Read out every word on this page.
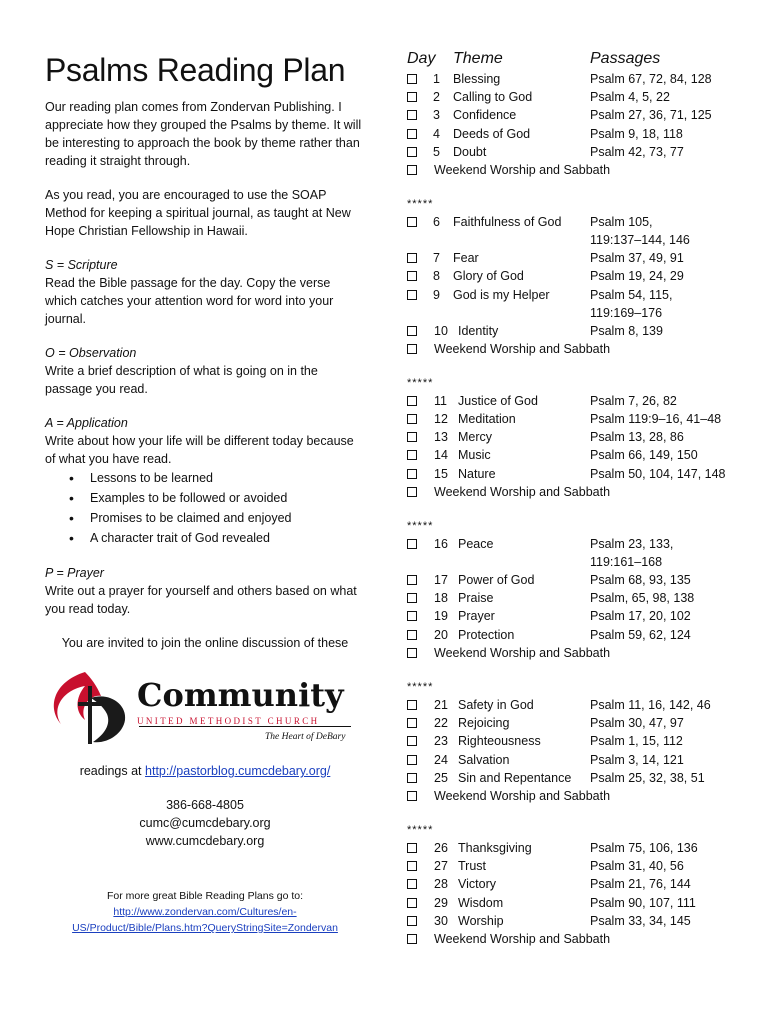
Psalms Reading Plan

Our reading plan comes from Zondervan Publishing. I appreciate how they grouped the Psalms by theme. It will be interesting to approach the book by theme rather than reading it straight through.

As you read, you are encouraged to use the SOAP Method for keeping a spiritual journal, as taught at New Hope Christian Fellowship in Hawaii.

S = Scripture
Read the Bible passage for the day. Copy the verse which catches your attention word for word into your journal.
O = Observation
Write a brief description of what is going on in the passage you read.
A = Application
Write about how your life will be different today because of what you have read.
• Lessons to be learned
• Examples to be followed or avoided
• Promises to be claimed and enjoyed
• A character trait of God revealed
P = Prayer
Write out a prayer for yourself and others based on what you read today.
You are invited to join the online discussion of these
Community
UNITED METHODIST CHURCH
The Heart of DeBary
readings at http://pastorblog.cumcdebary.org/
386-668-4805
cumc@cumcdebary.org
www.cumcdebary.org
For more great Bible Reading Plans go to:
http://www.zondervan.com/Cultures/en-
US/Product/Bible/Plans.htm?QueryStringSite=Zondervan
Day Theme	Passages
1 Blessing	Psalm 67, 72, 84, 128
2 Calling to God	Psalm 4, 5, 22
3 Confidence	Psalm 27, 36, 71, 125
4 Deeds of God	Psalm 9, 18, 118
5 Doubt	Psalm 42, 73, 77
Weekend Worship and Sabbath
*****
6 Faithfulness of God Psalm 105,
119:137–144, 146
7 Fear	Psalm 37, 49, 91
8 Glory of God	Psalm 19, 24, 29
9 God is my Helper	Psalm 54, 115,
119:169–176
10 Identity	Psalm 8, 139
Weekend Worship and Sabbath
*****
11 Justice of God	Psalm 7, 26, 82
12 Meditation	Psalm 119:9–16, 41–48
13 Mercy	Psalm 13, 28, 86
14 Music	Psalm 66, 149, 150
15 Nature	Psalm 50, 104, 147, 148
Weekend Worship and Sabbath
*****
16 Peace	Psalm 23, 133,
119:161–168
17 Power of God	Psalm 68, 93, 135
18 Praise	Psalm, 65, 98, 138
19 Prayer	Psalm 17, 20, 102
20 Protection	Psalm 59, 62, 124
Weekend Worship and Sabbath
*****
21 Safety in God	Psalm 11, 16, 142, 46
22 Rejoicing	Psalm 30, 47, 97
23 Righteousness	Psalm 1, 15, 112
24 Salvation	Psalm 3, 14, 121
25 Sin and Repentance Psalm 25, 32, 38, 51
Weekend Worship and Sabbath
*****
26 Thanksgiving	Psalm 75, 106, 136
27 Trust	Psalm 31, 40, 56
28 Victory	Psalm 21, 76, 144
29 Wisdom	Psalm 90, 107, 111
30 Worship	Psalm 33, 34, 145
Weekend Worship and Sabbath
